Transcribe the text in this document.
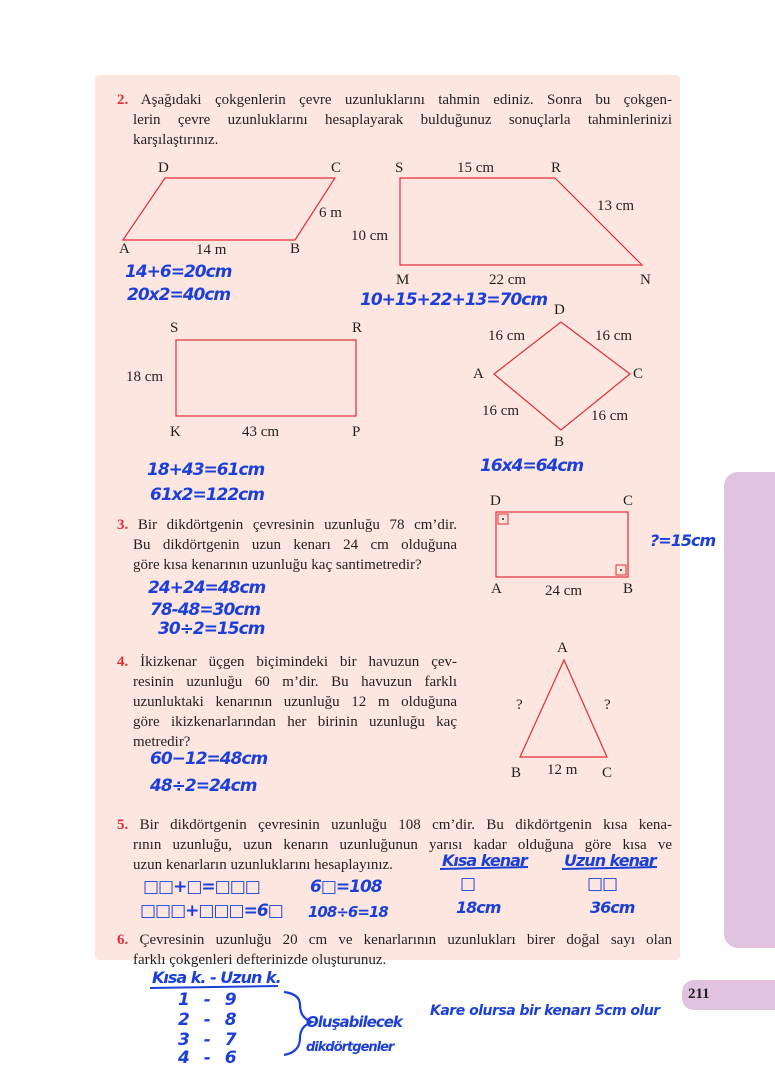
211
2. Aşağıdaki çokgenlerin çevre uzunluklarını tahmin ediniz. Sonra bu çokgen-
lerin çevre uzunluklarını hesaplayarak bulduğunuz sonuçlarla tahminlerinizi
karşılaştırınız.
D	C
6 m
A	14 m	B
S	15 cm	R
13 cm
10 cm
M	22 cm	N
14+6=20cm
20x2=40cm	10+15+22+13=70cm
S	R
18 cm
K	43 cm	P
D
16 cm	16 cm
A	C
16 cm	16 cm
B
18+43=61cm
61x2=122cm
16x4=64cm
3. Bir dikdörtgenin çevresinin uzunluğu 78 cm’dir.
Bu dikdörtgenin uzun kenarı 24 cm olduğuna
göre kısa kenarının uzunluğu kaç santimetredir?
D	C
A	24 cm	B
?=15cm
24+24=48cm
78-48=30cm
30÷2=15cm
4. İkizkenar üçgen biçimindeki bir havuzun çev-
resinin uzunluğu 60 m’dir. Bu havuzun farklı
uzunluktaki kenarının uzunluğu 12 m olduğuna
göre ikizkenarlarından her birinin uzunluğu kaç
metredir?
A
?	?
B 12 m C
60−12=48cm
48÷2=24cm
5. Bir dikdörtgenin çevresinin uzunluğu 108 cm’dir. Bu dikdörtgenin kısa kena-
rının uzunluğu, uzun kenarın uzunluğunun yarısı kadar olduğuna göre kısa ve
uzun kenarların uzunluklarını hesaplayınız.
□□+□=□□□	6□=108
□□□+□□□=6□ 108÷6=18
Kısa kenar
□
18cm
Uzun kenar
□□
36cm
6. Çevresinin uzunluğu 20 cm ve kenarlarının uzunlukları birer doğal sayı olan
farklı çokgenleri defterinizde oluşturunuz.
Kısa k. - Uzun k.
1 - 9
2 - 8
3 - 7
4 - 6
Oluşabilecek
dikdörtgenler
Kare olursa bir kenarı 5cm olur
